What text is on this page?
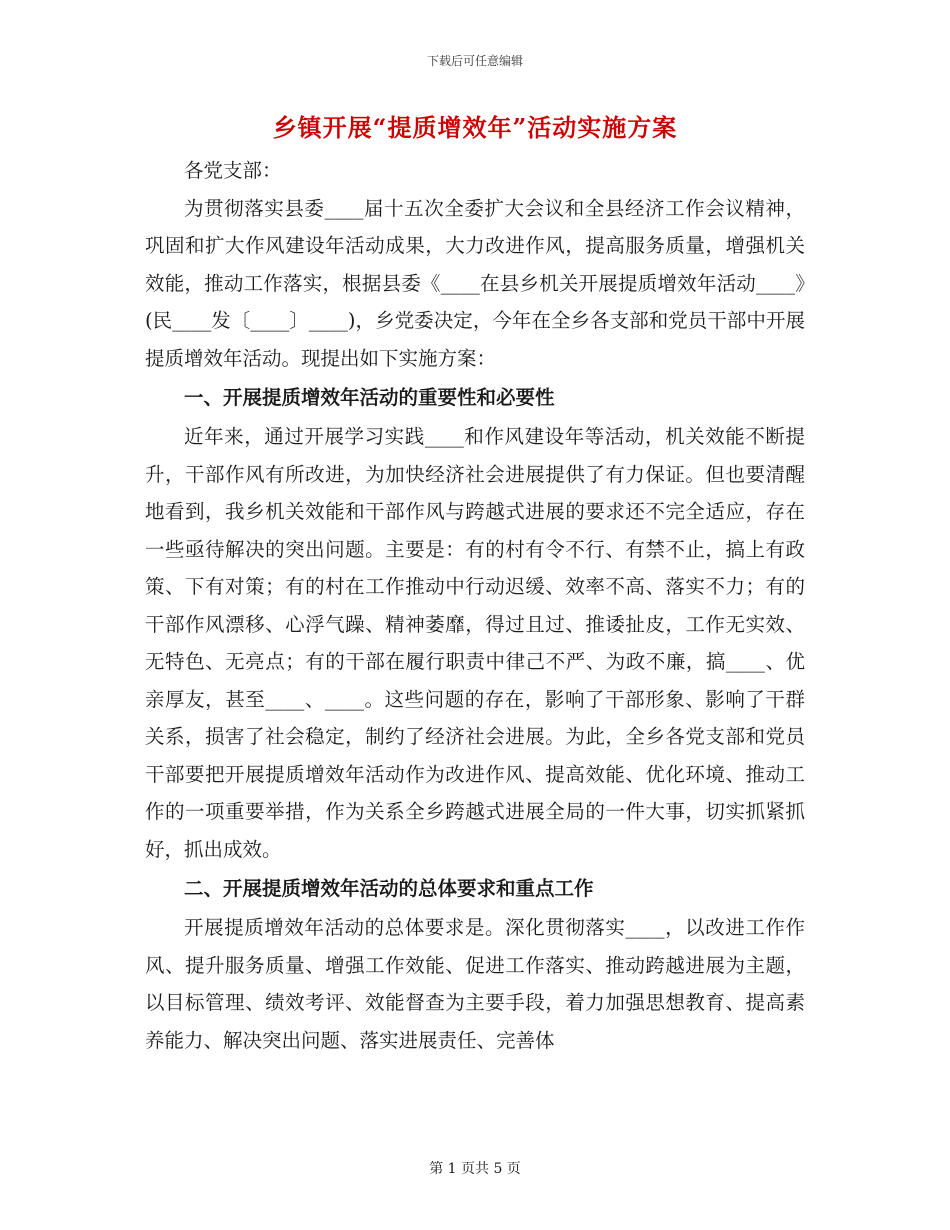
下载后可任意编辑
乡镇开展“提质增效年”活动实施方案

各党支部：

为贯彻落实县委____届十五次全委扩大会议和全县经济工作会议精神，巩固和扩大作风建设年活动成果，大力改进作风，提高服务质量，增强机关效能，推动工作落实，根据县委《____在县乡机关开展提质增效年活动____》(民____发〔____〕____)，乡党委决定，今年在全乡各支部和党员干部中开展提质增效年活动。现提出如下实施方案：

一、开展提质增效年活动的重要性和必要性

近年来，通过开展学习实践____和作风建设年等活动，机关效能不断提升，干部作风有所改进，为加快经济社会进展提供了有力保证。但也要清醒地看到，我乡机关效能和干部作风与跨越式进展的要求还不完全适应，存在一些亟待解决的突出问题。主要是：有的村有令不行、有禁不止，搞上有政策、下有对策；有的村在工作推动中行动迟缓、效率不高、落实不力；有的干部作风漂移、心浮气躁、精神萎靡，得过且过、推诿扯皮，工作无实效、无特色、无亮点；有的干部在履行职责中律己不严、为政不廉，搞____、优亲厚友，甚至____、____。这些问题的存在，影响了干部形象、影响了干群关系，损害了社会稳定，制约了经济社会进展。为此，全乡各党支部和党员干部要把开展提质增效年活动作为改进作风、提高效能、优化环境、推动工作的一项重要举措，作为关系全乡跨越式进展全局的一件大事，切实抓紧抓好，抓出成效。

二、开展提质增效年活动的总体要求和重点工作

开展提质增效年活动的总体要求是。深化贯彻落实____，以改进工作作风、提升服务质量、增强工作效能、促进工作落实、推动跨越进展为主题，以目标管理、绩效考评、效能督查为主要手段，着力加强思想教育、提高素养能力、解决突出问题、落实进展责任、完善体

第 1 页共 5 页
